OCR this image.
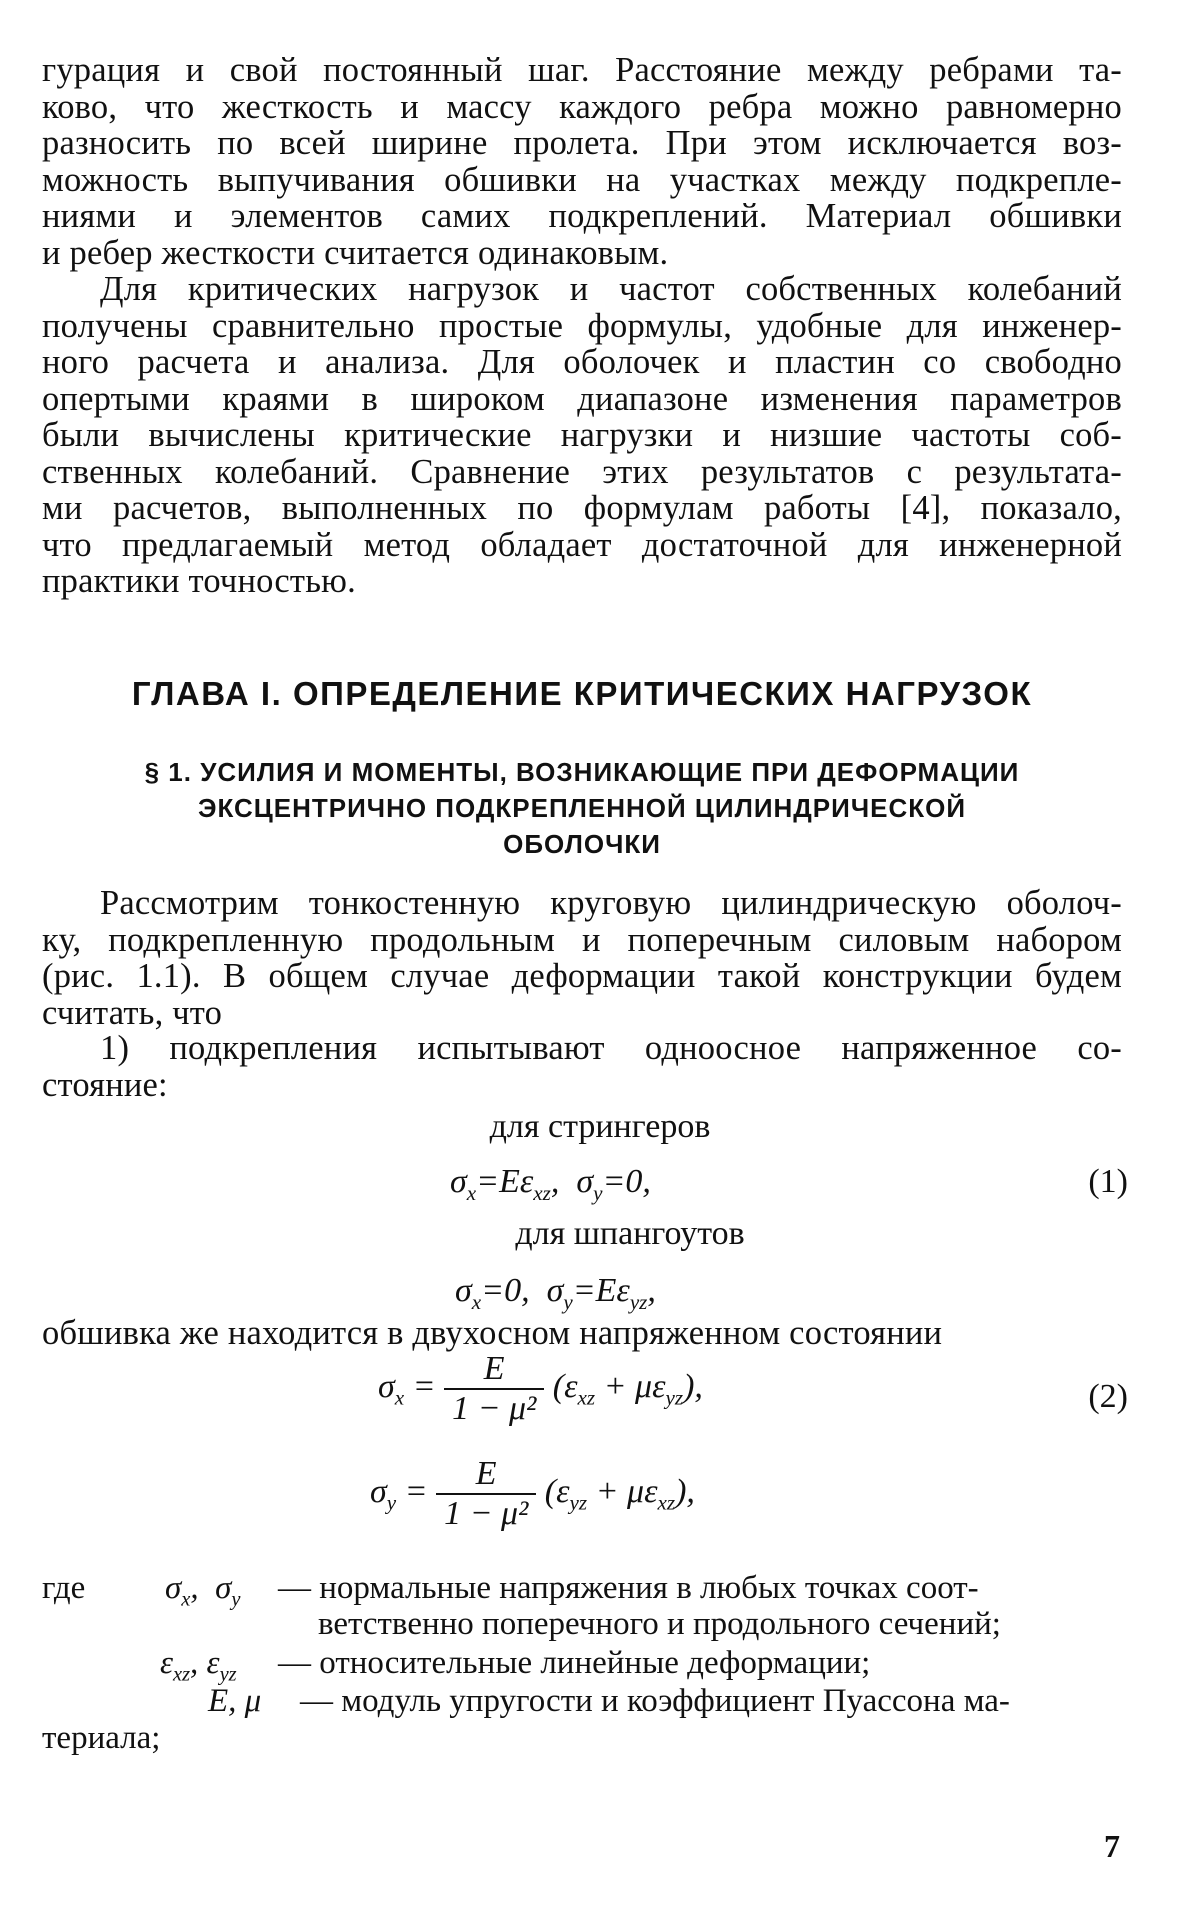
гурация и свой постоянный шаг. Расстояние между ребрами та-
ково, что жесткость и массу каждого ребра можно равномерно
разносить по всей ширине пролета. При этом исключается воз-
можность выпучивания обшивки на участках между подкрепле-
ниями и элементов самих подкреплений. Материал обшивки
и ребер жесткости считается одинаковым.
Для критических нагрузок и частот собственных колебаний
получены сравнительно простые формулы, удобные для инженер-
ного расчета и анализа. Для оболочек и пластин со свободно
опертыми краями в широком диапазоне изменения параметров
были вычислены критические нагрузки и низшие частоты соб-
ственных колебаний. Сравнение этих результатов с результата-
ми расчетов, выполненных по формулам работы [4], показало,
что предлагаемый метод обладает достаточной для инженерной
практики точностью.
ГЛАВА I. ОПРЕДЕЛЕНИЕ КРИТИЧЕСКИХ НАГРУЗОК
§ 1. УСИЛИЯ И МОМЕНТЫ, ВОЗНИКАЮЩИЕ ПРИ ДЕФОРМАЦИИ
ЭКСЦЕНТРИЧНО ПОДКРЕПЛЕННОЙ ЦИЛИНДРИЧЕСКОЙ
ОБОЛОЧКИ
Рассмотрим тонкостенную круговую цилиндрическую оболоч-
ку, подкрепленную продольным и поперечным силовым набором
(рис. 1.1). В общем случае деформации такой конструкции будем
считать, что
1) подкрепления испытывают одноосное напряженное со-
стояние:
для стрингеров
$\sigma_x=E\varepsilon_{xz}$,  $\sigma_y=0$,	(1)
для шпангоутов
$\sigma_x=0$,  $\sigma_y=E\varepsilon_{yz}$,
обшивка же находится в двухосном напряженном состоянии
$\sigma_x = \frac{E}{\text{1 − μ²}} (\varepsilon_{xz} + \mu\varepsilon_{yz})$,	(2)
$\sigma_y = \frac{E}{\text{1 − μ²}} (\varepsilon_{yz} + \mu\varepsilon_{xz})$,
где $\sigma_x$,  $\sigma_y$ — нормальные напряжения в любых точках соот-
ветственно поперечного и продольного сечений;
$\varepsilon_{xz}$, $\varepsilon_{yz}$ — относительные линейные деформации;
E, μ — модуль упругости и коэффициент Пуассона ма-
териала;
7
